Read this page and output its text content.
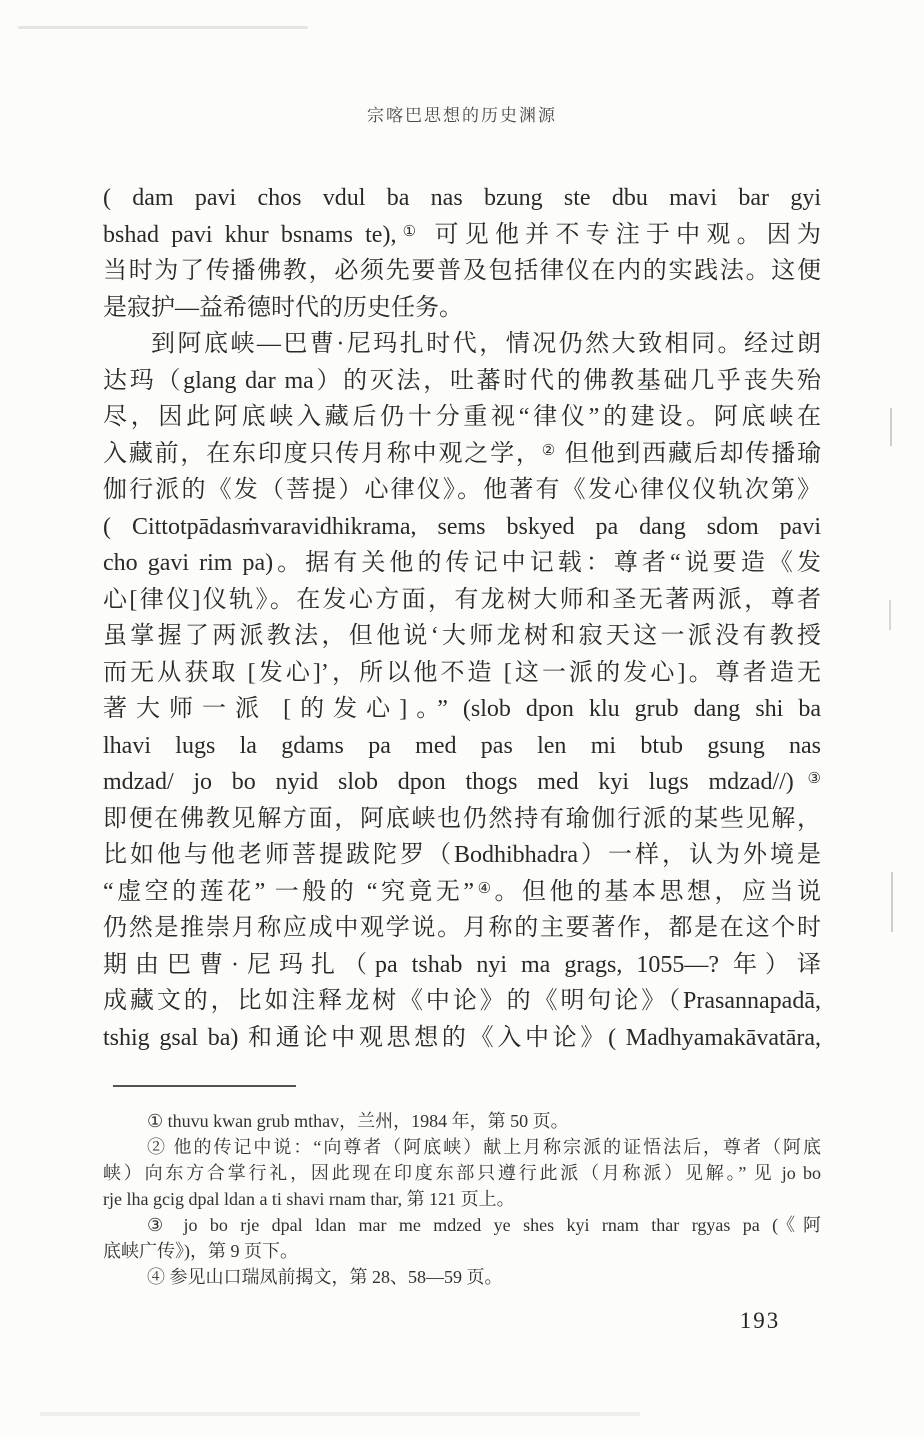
宗喀巴思想的历史渊源
( dam pavi chos vdul ba nas bzung ste dbu mavi bar gyi
bshad pavi khur bsnams te),① 可见他并不专注于中观。因为
当时为了传播佛教，必须先要普及包括律仪在内的实践法。这便
是寂护—益希德时代的历史任务。
到阿底峡—巴曹·尼玛扎时代，情况仍然大致相同。经过朗
达玛（glang dar ma）的灭法，吐蕃时代的佛教基础几乎丧失殆
尽，因此阿底峡入藏后仍十分重视“律仪”的建设。阿底峡在
入藏前，在东印度只传月称中观之学，② 但他到西藏后却传播瑜
伽行派的《发（菩提）心律仪》。他著有《发心律仪仪轨次第》
( Cittotpādasṁvaravidhikrama, sems bskyed pa dang sdom pavi
cho gavi rim pa)。据有关他的传记中记载：尊者“说要造《发
心[律仪]仪轨》。在发心方面，有龙树大师和圣无著两派，尊者
虽掌握了两派教法，但他说‘大师龙树和寂天这一派没有教授
而无从获取 [发心]’，所以他不造 [这一派的发心]。尊者造无
著大师一派 [的发心]。” (slob dpon klu grub dang shi ba
lhavi lugs la gdams pa med pas len mi btub gsung nas
mdzad/ jo bo nyid slob dpon thogs med kyi lugs mdzad//)③
即便在佛教见解方面，阿底峡也仍然持有瑜伽行派的某些见解，
比如他与他老师菩提跋陀罗（Bodhibhadra）一样，认为外境是
“虚空的莲花” 一般的 “究竟无”④。但他的基本思想，应当说
仍然是推崇月称应成中观学说。月称的主要著作，都是在这个时
期由巴曹·尼玛扎（pa tshab nyi ma grags, 1055—? 年）译
成藏文的，比如注释龙树《中论》的《明句论》（Prasannapadā,
tshig gsal ba) 和通论中观思想的《入中论》( Madhyamakāvatāra,
① thuvu kwan grub mthav，兰州，1984 年，第 50 页。
② 他的传记中说：“向尊者（阿底峡）献上月称宗派的证悟法后，尊者（阿底
峡）向东方合掌行礼，因此现在印度东部只遵行此派（月称派）见解。” 见 jo bo
rje lha gcig dpal ldan a ti shavi rnam thar, 第 121 页上。
③ jo bo rje dpal ldan mar me mdzed ye shes kyi rnam thar rgyas pa (《阿
底峡广传》)，第 9 页下。
④ 参见山口瑞凤前揭文，第 28、58—59 页。
193
